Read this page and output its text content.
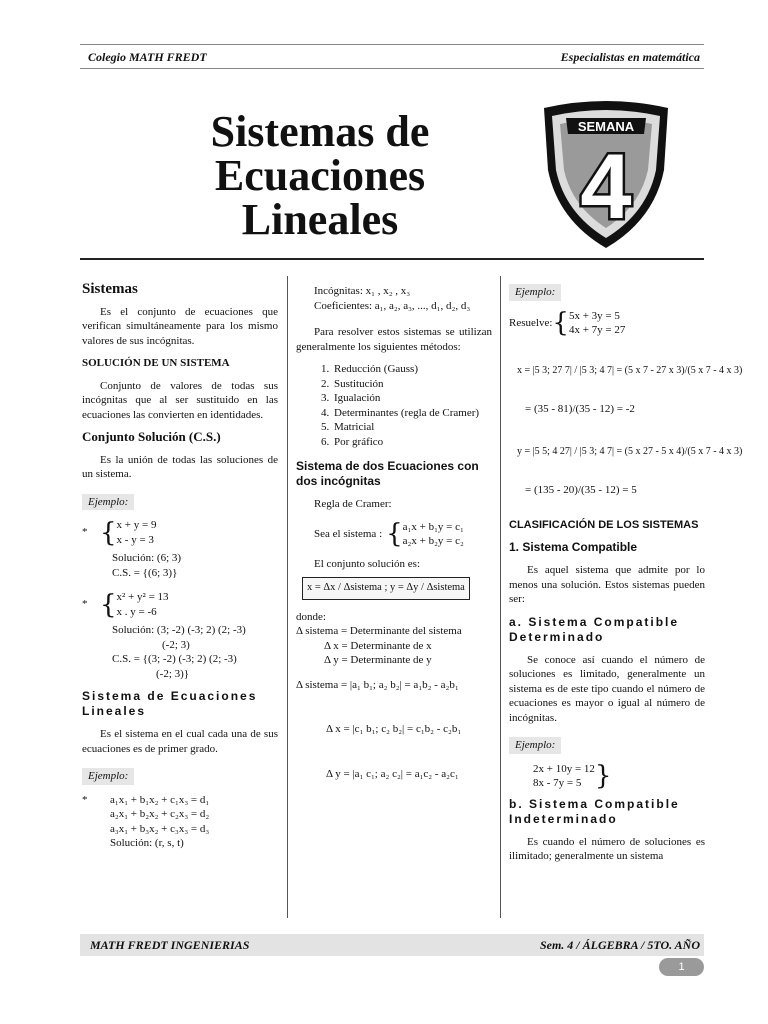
Colegio MATH FREDT	Especialistas en matemática
Sistemas de
Ecuaciones
Lineales
SEMANA
4
Sistemas
Es el conjunto de ecuaciones que verifican simultáneamente para los mismo valores de sus incógnitas.
SOLUCIÓN DE UN SISTEMA
Conjunto de valores de todas sus incógnitas que al ser sustituido en las ecuaciones las convierten en identidades.
Conjunto Solución (C.S.)
Es la unión de todas las soluciones de un sistema.
Ejemplo:
* { x + y = 9
x - y = 3
Solución: (6; 3)
C.S. = {(6; 3)}
* { x² + y² = 13
x . y = -6
Solución: (3; -2) (-3; 2) (2; -3)
(-2; 3)
C.S. = {(3; -2) (-3; 2) (2; -3)
(-2; 3)}
Sistema de Ecuaciones Lineales
Es el sistema en el cual cada una de sus ecuaciones es de primer grado.
Ejemplo:
*	a₁x₁ + b₁x₂ + c₁x₃ = d₁
a₂x₁ + b₂x₂ + c₂x₃ = d₂
a₃x₁ + b₃x₂ + c₃x₃ = d₃
Solución: (r, s, t)
Incógnitas: x₁ , x₂ , x₃
Coeficientes: a₁, a₂, a₃, ..., d₁, d₂, d₃
Para resolver estos sistemas se utilizan generalmente los siguientes métodos:
1. Reducción (Gauss)
2. Sustitución
3. Igualación
4. Determinantes (regla de Cramer)
5. Matricial
6. Por gráfico
Sistema de dos Ecuaciones con dos incógnitas
Regla de Cramer:
Sea el sistema : { a₁x + b₁y = c₁
a₂x + b₂y = c₂
El conjunto solución es:
x = Δx / Δsistema ; y = Δy / Δsistema
donde:
Δ sistema = Determinante del sistema
Δ x = Determinante de x
Δ y = Determinante de y
Δ sistema = |a₁ b₁; a₂ b₂| = a₁b₂ - a₂b₁
Δ x = |c₁ b₁; c₂ b₂| = c₁b₂ - c₂b₁
Δ y = |a₁ c₁; a₂ c₂| = a₁c₂ - a₂c₁
Ejemplo:
Resuelve: { 5x + 3y = 5
4x + 7y = 27
x = |5 3; 27 7| / |5 3; 4 7| = (5 x 7 - 27 x 3)/(5 x 7 - 4 x 3)
= (35 - 81)/(35 - 12) = -2
y = |5 5; 4 27| / |5 3; 4 7| = (5 x 27 - 5 x 4)/(5 x 7 - 4 x 3)
= (135 - 20)/(35 - 12) = 5
CLASIFICACIÓN DE LOS SISTEMAS
1. Sistema Compatible
Es aquel sistema que admite por lo menos una solución. Estos sistemas pueden ser:
a. Sistema Compatible Determinado
Se conoce así cuando el número de soluciones es limitado, generalmente un sistema es de este tipo cuando el número de ecuaciones es mayor o igual al número de incógnitas.
Ejemplo:
2x + 10y = 12
8x - 7y = 5 }
b. Sistema Compatible Indeterminado
Es cuando el número de soluciones es ilimitado; generalmente un sistema
MATH FREDT INGENIERIAS	Sem. 4 / ÁLGEBRA / 5TO. AÑO
1
